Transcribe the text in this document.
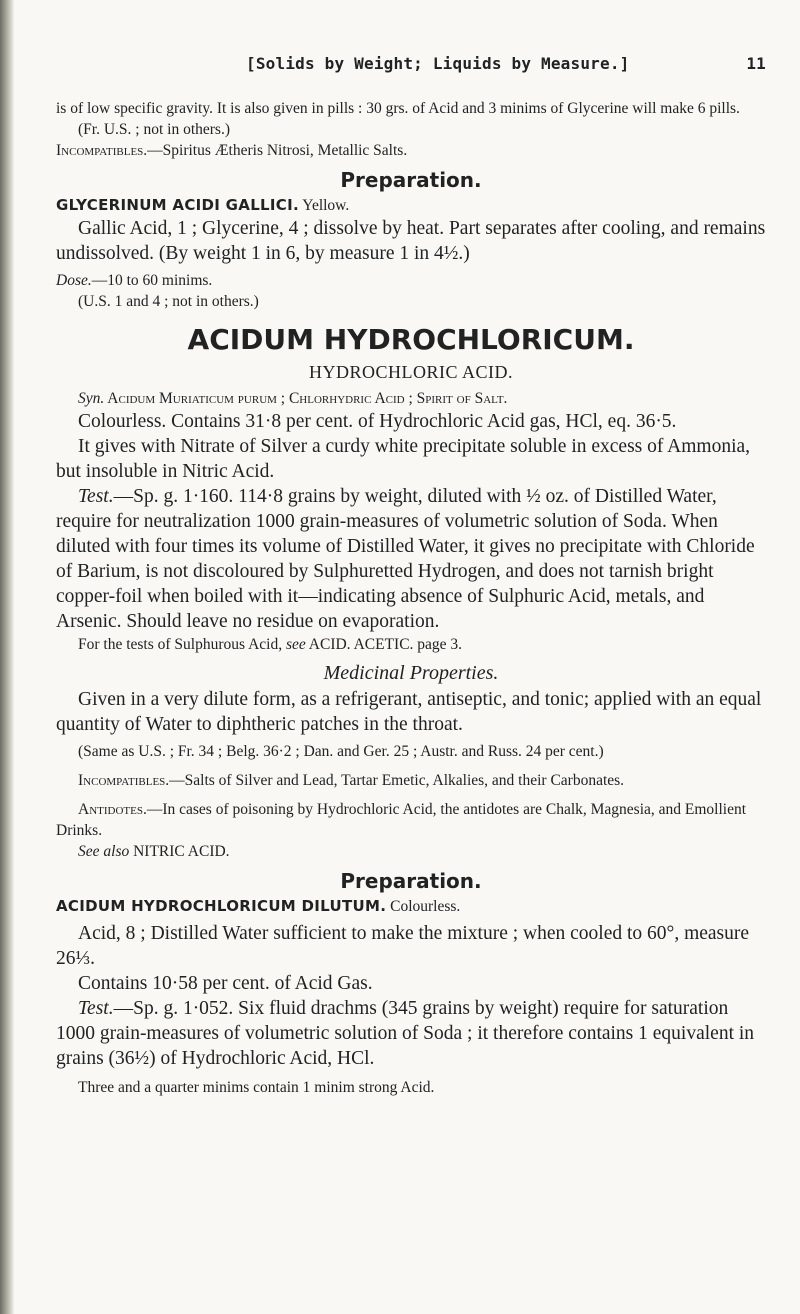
[Solids by Weight; Liquids by Measure.]	11

is of low specific gravity. It is also given in pills : 30 grs. of Acid and 3 minims of Glycerine will make 6 pills.

(Fr. U.S. ; not in others.)

Incompatibles.—Spiritus Ætheris Nitrosi, Metallic Salts.

Preparation.

GLYCERINUM ACIDI GALLICI. Yellow.

Gallic Acid, 1 ; Glycerine, 4 ; dissolve by heat. Part separates after cooling, and remains undissolved. (By weight 1 in 6, by measure 1 in 4½.)

Dose.—10 to 60 minims.

(U.S. 1 and 4 ; not in others.)

ACIDUM HYDROCHLORICUM.

HYDROCHLORIC ACID.

Syn. Acidum Muriaticum purum ; Chlorhydric Acid ; Spirit of Salt.

Colourless. Contains 31·8 per cent. of Hydrochloric Acid gas, HCl, eq. 36·5.

It gives with Nitrate of Silver a curdy white precipitate soluble in excess of Ammonia, but insoluble in Nitric Acid.

Test.—Sp. g. 1·160. 114·8 grains by weight, diluted with ½ oz. of Distilled Water, require for neutralization 1000 grain-measures of volumetric solution of Soda. When diluted with four times its volume of Distilled Water, it gives no precipitate with Chloride of Barium, is not discoloured by Sulphuretted Hydrogen, and does not tarnish bright copper-foil when boiled with it—indicating absence of Sulphuric Acid, metals, and Arsenic. Should leave no residue on evaporation.

For the tests of Sulphurous Acid, see ACID. ACETIC. page 3.

Medicinal Properties.

Given in a very dilute form, as a refrigerant, antiseptic, and tonic; applied with an equal quantity of Water to diphtheric patches in the throat.

(Same as U.S. ; Fr. 34 ; Belg. 36·2 ; Dan. and Ger. 25 ; Austr. and Russ. 24 per cent.)

Incompatibles.—Salts of Silver and Lead, Tartar Emetic, Alkalies, and their Carbonates.

Antidotes.—In cases of poisoning by Hydrochloric Acid, the antidotes are Chalk, Magnesia, and Emollient Drinks.

See also NITRIC ACID.

Preparation.

ACIDUM HYDROCHLORICUM DILUTUM. Colourless.

Acid, 8 ; Distilled Water sufficient to make the mixture ; when cooled to 60°, measure 26⅓.

Contains 10·58 per cent. of Acid Gas.

Test.—Sp. g. 1·052. Six fluid drachms (345 grains by weight) require for saturation 1000 grain-measures of volumetric solution of Soda ; it therefore contains 1 equivalent in grains (36½) of Hydrochloric Acid, HCl.

Three and a quarter minims contain 1 minim strong Acid.
